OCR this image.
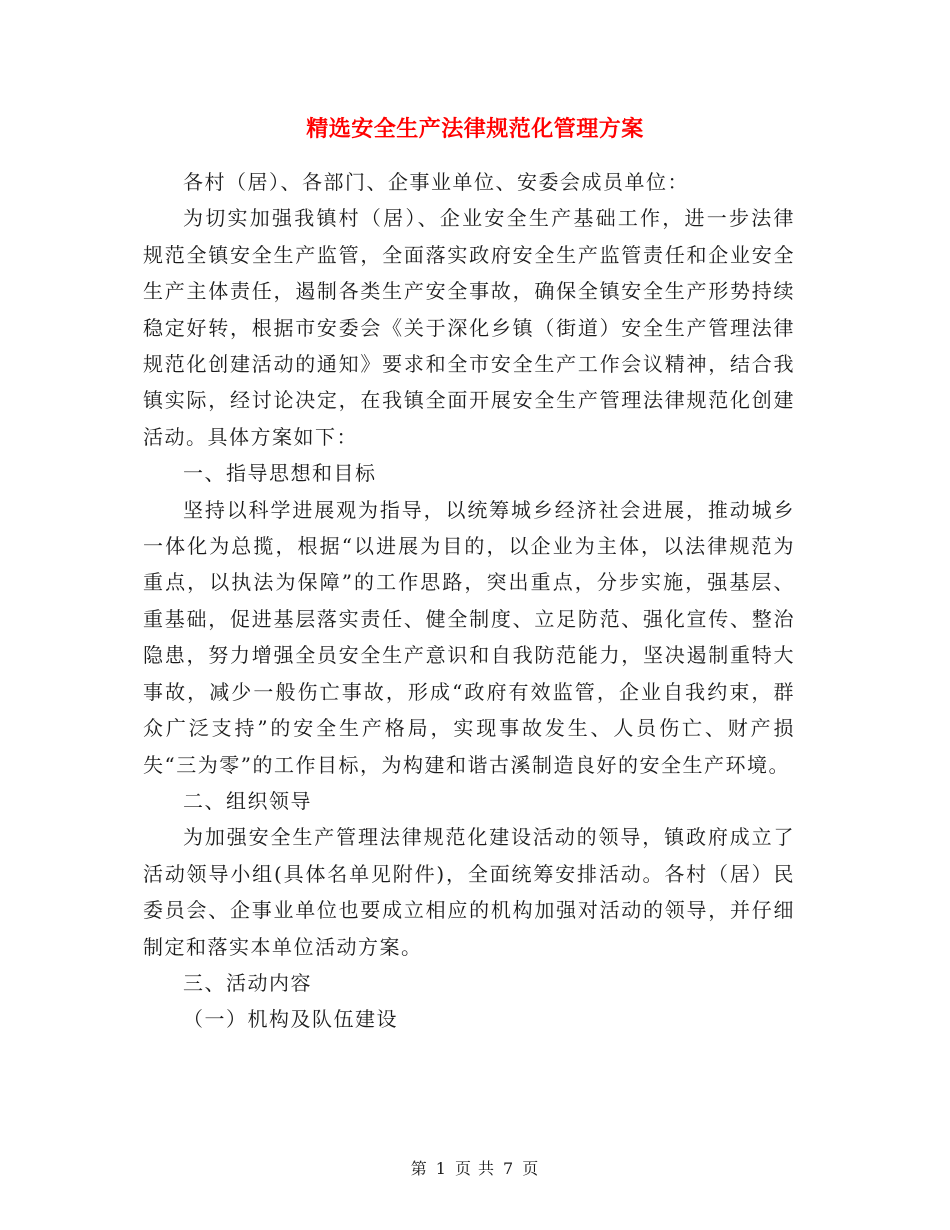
精选安全生产法律规范化管理方案

各村（居）、各部门、企事业单位、安委会成员单位：

为切实加强我镇村（居）、企业安全生产基础工作，进一步法律规范全镇安全生产监管，全面落实政府安全生产监管责任和企业安全生产主体责任，遏制各类生产安全事故，确保全镇安全生产形势持续稳定好转，根据市安委会《关于深化乡镇（街道）安全生产管理法律规范化创建活动的通知》要求和全市安全生产工作会议精神，结合我镇实际，经讨论决定，在我镇全面开展安全生产管理法律规范化创建活动。具体方案如下：

一、指导思想和目标

坚持以科学进展观为指导，以统筹城乡经济社会进展，推动城乡一体化为总揽，根据“以进展为目的，以企业为主体，以法律规范为重点，以执法为保障”的工作思路，突出重点，分步实施，强基层、重基础，促进基层落实责任、健全制度、立足防范、强化宣传、整治隐患，努力增强全员安全生产意识和自我防范能力，坚决遏制重特大事故，减少一般伤亡事故，形成“政府有效监管，企业自我约束，群众广泛支持”的安全生产格局，实现事故发生、人员伤亡、财产损失“三为零”的工作目标，为构建和谐古溪制造良好的安全生产环境。

二、组织领导

为加强安全生产管理法律规范化建设活动的领导，镇政府成立了活动领导小组(具体名单见附件)，全面统筹安排活动。各村（居）民委员会、企事业单位也要成立相应的机构加强对活动的领导，并仔细制定和落实本单位活动方案。

三、活动内容

（一）机构及队伍建设

第 1 页 共 7 页
